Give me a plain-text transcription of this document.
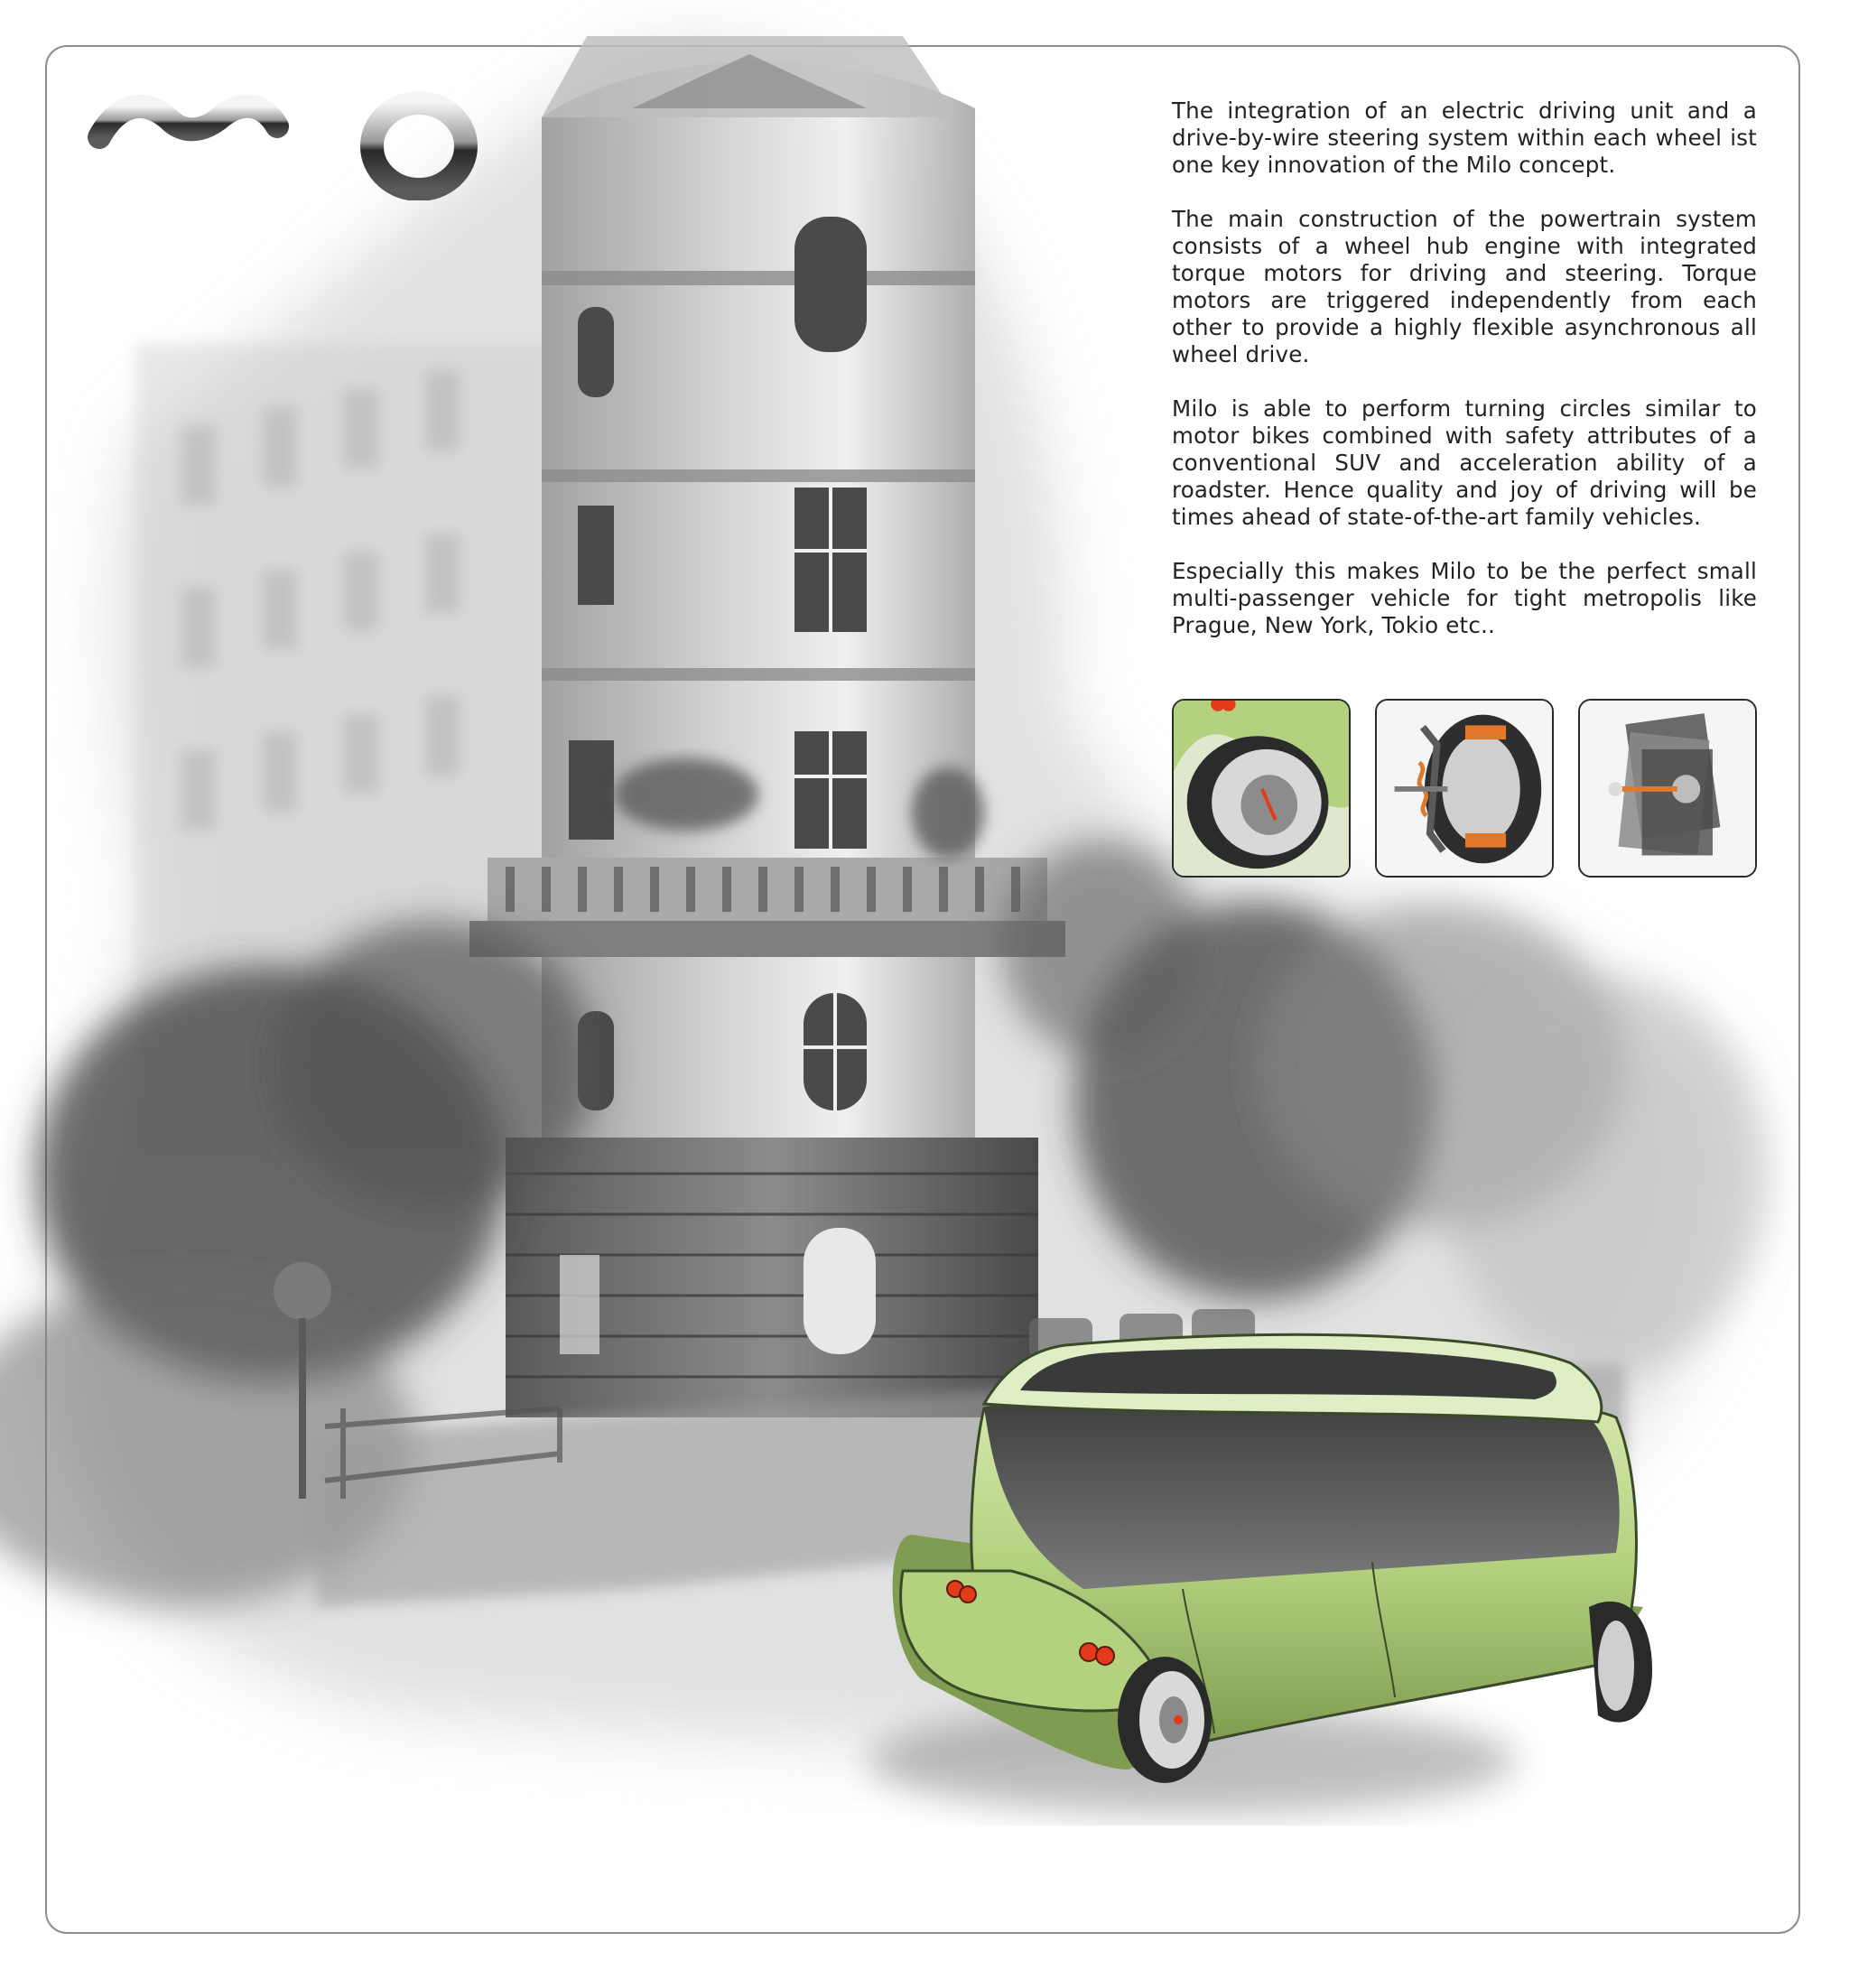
The integration of an electric driving unit and a drive-by-wire steering system within each wheel ist one key innovation of the Milo concept.

The main construction of the powertrain system consists of a wheel hub engine with integrated torque motors for driving and steering. Torque motors are triggered independently from each other to provide a highly flexible asynchronous all wheel drive.

Milo is able to perform turning circles similar to motor bikes combined with safety attributes of a conventional SUV and acceleration ability of a roadster. Hence quality and joy of driving will be times ahead of state-of-the-art family vehicles.

Especially this makes Milo to be the perfect small multi-passenger vehicle for tight metropolis like Prague, New York, Tokio etc..
